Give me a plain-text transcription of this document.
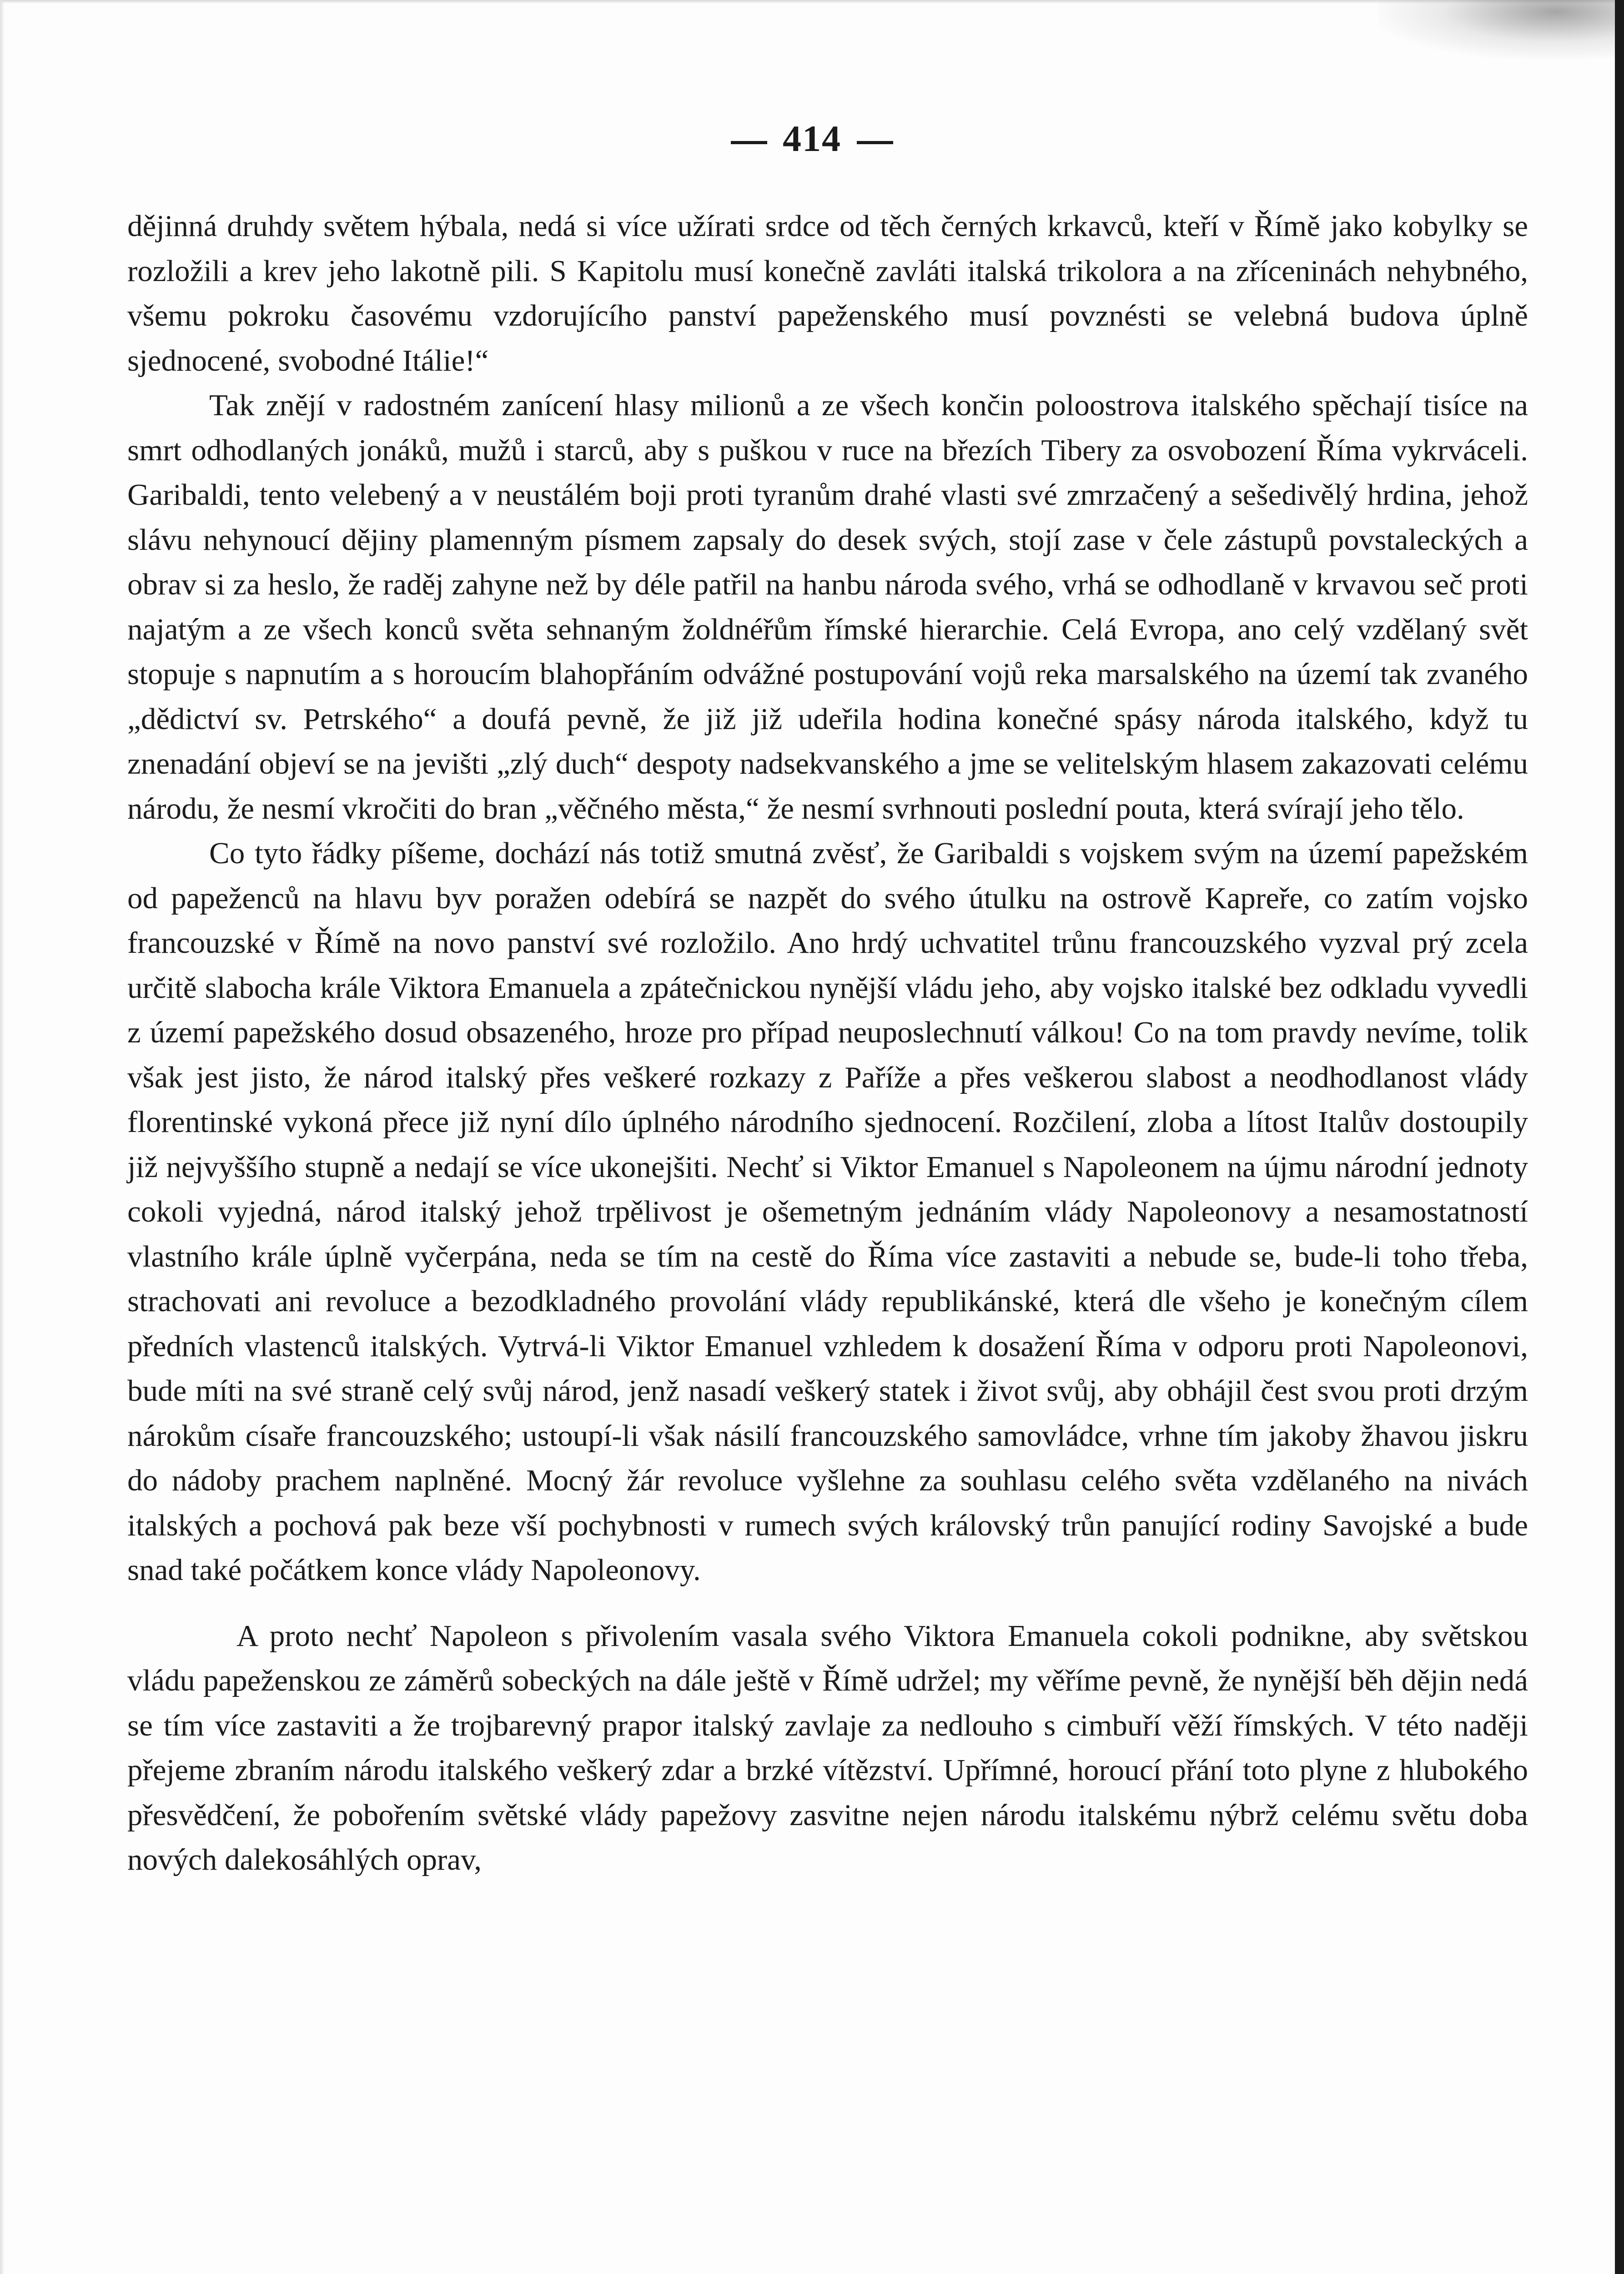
414

dějinná druhdy světem hýbala, nedá si více užírati srdce od těch černých krkavců, kteří v Římě jako kobylky se rozložili a krev jeho lakotně pili. S Kapitolu musí konečně zavláti italská trikolora a na zříceninách nehybného, všemu pokroku časovému vzdorujícího panství papeženského musí povznésti se velebná budova úplně sjednocené, svobodné Itálie!“

Tak znějí v radostném zanícení hlasy milionů a ze všech končin poloostrova italského spěchají tisíce na smrt odhodlaných jonáků, mužů i starců, aby s puškou v ruce na březích Tibery za osvobození Říma vykrváceli. Garibaldi, tento velebený a v neustálém boji proti tyranům drahé vlasti své zmrzačený a sešedivělý hrdina, jehož slávu nehynoucí dějiny plamenným písmem zapsaly do desek svých, stojí zase v čele zástupů povstaleckých a obrav si za heslo, že raděj zahyne než by déle patřil na hanbu národa svého, vrhá se odhodlaně v krvavou seč proti najatým a ze všech konců světa sehnaným žoldnéřům římské hierarchie. Celá Evropa, ano celý vzdělaný svět stopuje s napnutím a s horoucím blahopřáním odvážné postupování vojů reka marsalského na území tak zvaného „dědictví sv. Petrského“ a doufá pevně, že již již udeřila hodina konečné spásy národa italského, když tu znenadání objeví se na jevišti „zlý duch“ despoty nadsekvanského a jme se velitelským hlasem zakazovati celému národu, že nesmí vkročiti do bran „věčného města,“ že nesmí svrhnouti poslední pouta, která svírají jeho tělo.

Co tyto řádky píšeme, dochází nás totiž smutná zvěsť, že Garibaldi s vojskem svým na území papežském od papeženců na hlavu byv poražen odebírá se nazpět do svého útulku na ostrově Kapreře, co zatím vojsko francouzské v Římě na novo panství své rozložilo. Ano hrdý uchvatitel trůnu francouzského vyzval prý zcela určitě slabocha krále Viktora Emanuela a zpátečnickou nynější vládu jeho, aby vojsko italské bez odkladu vyvedli z území papežského dosud obsazeného, hroze pro případ neuposlechnutí válkou! Co na tom pravdy nevíme, tolik však jest jisto, že národ italský přes veškeré rozkazy z Paříže a přes veškerou slabost a neodhodlanost vlády florentinské vykoná přece již nyní dílo úplného národního sjednocení. Rozčilení, zloba a lítost Italův dostoupily již nejvyššího stupně a nedají se více ukonejšiti. Nechť si Viktor Emanuel s Napoleonem na újmu národní jednoty cokoli vyjedná, národ italský jehož trpělivost je ošemetným jednáním vlády Napoleonovy a nesamostatností vlastního krále úplně vyčerpána, neda se tím na cestě do Říma více zastaviti a nebude se, bude-li toho třeba, strachovati ani revoluce a bezodkladného provolání vlády republikánské, která dle všeho je konečným cílem předních vlastenců italských. Vytrvá-li Viktor Emanuel vzhledem k dosažení Říma v odporu proti Napoleonovi, bude míti na své straně celý svůj národ, jenž nasadí veškerý statek i život svůj, aby obhájil čest svou proti drzým nárokům císaře francouzského; ustoupí-li však násilí francouzského samovládce, vrhne tím jakoby žhavou jiskru do nádoby prachem naplněné. Mocný žár revoluce vyšlehne za souhlasu celého světa vzdělaného na nivách italských a pochová pak beze vší pochybnosti v rumech svých královský trůn panující rodiny Savojské a bude snad také počátkem konce vlády Napoleonovy.

A proto nechť Napoleon s přivolením vasala svého Viktora Emanuela cokoli podnikne, aby světskou vládu papeženskou ze záměrů sobeckých na dále ještě v Římě udržel; my věříme pevně, že nynější běh dějin nedá se tím více zastaviti a že trojbarevný prapor italský zavlaje za nedlouho s cimbuří věží římských. V této naději přejeme zbraním národu italského veškerý zdar a brzké vítězství. Upřímné, horoucí přání toto plyne z hlubokého přesvědčení, že pobořením světské vlády papežovy zasvitne nejen národu italskému nýbrž celému světu doba nových dalekosáhlých oprav,
